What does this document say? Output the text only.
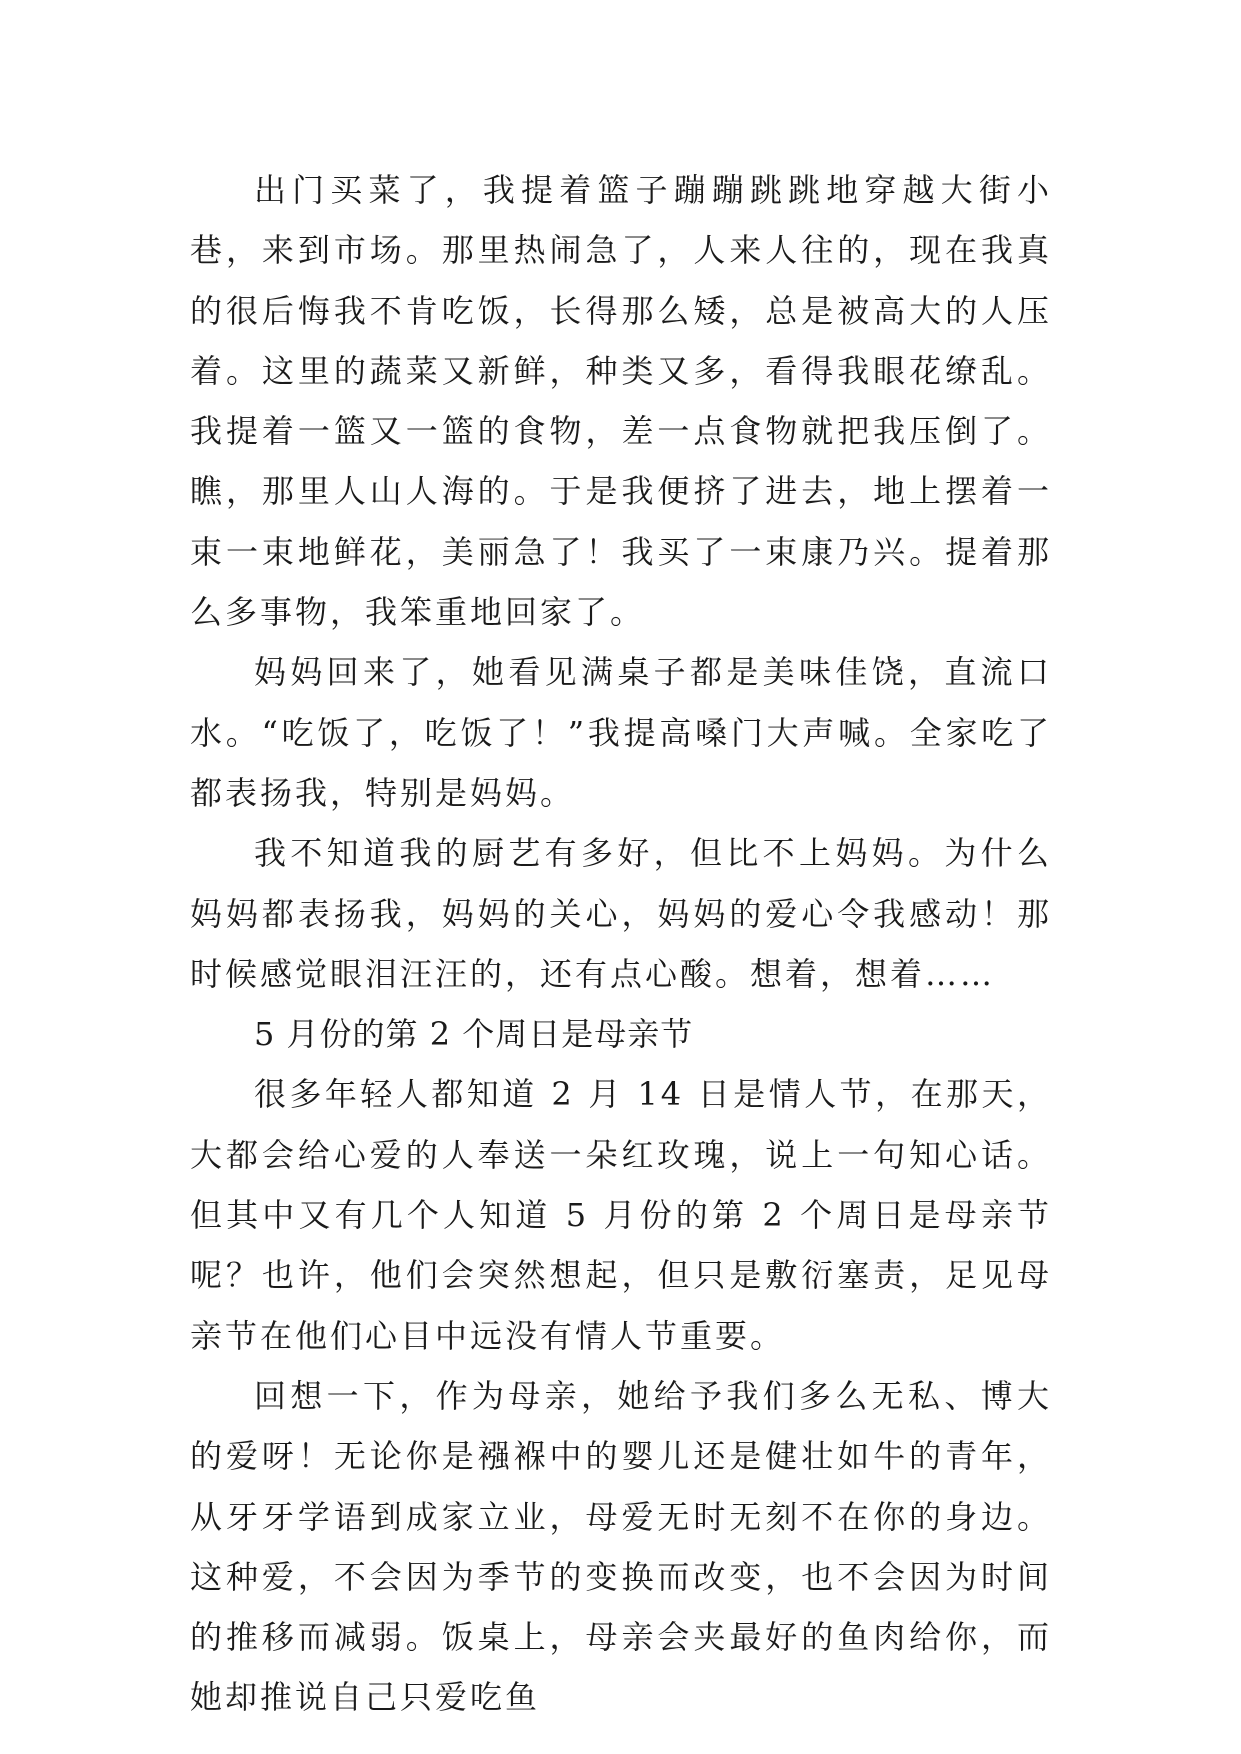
出门买菜了，我提着篮子蹦蹦跳跳地穿越大街小巷，来到市场。那里热闹急了，人来人往的，现在我真的很后悔我不肯吃饭，长得那么矮，总是被高大的人压着。这里的蔬菜又新鲜，种类又多，看得我眼花缭乱。我提着一篮又一篮的食物，差一点食物就把我压倒了。瞧，那里人山人海的。于是我便挤了进去，地上摆着一束一束地鲜花，美丽急了！我买了一束康乃兴。提着那么多事物，我笨重地回家了。

妈妈回来了，她看见满桌子都是美味佳饶，直流口水。“吃饭了，吃饭了！”我提高嗓门大声喊。全家吃了都表扬我，特别是妈妈。

我不知道我的厨艺有多好，但比不上妈妈。为什么妈妈都表扬我，妈妈的关心，妈妈的爱心令我感动！那时候感觉眼泪汪汪的，还有点心酸。想着，想着……

5 月份的第 2 个周日是母亲节

很多年轻人都知道 2 月 14 日是情人节，在那天，大都会给心爱的人奉送一朵红玫瑰，说上一句知心话。但其中又有几个人知道 5 月份的第 2 个周日是母亲节呢？也许，他们会突然想起，但只是敷衍塞责，足见母亲节在他们心目中远没有情人节重要。

回想一下，作为母亲，她给予我们多么无私、博大的爱呀！无论你是襁褓中的婴儿还是健壮如牛的青年，从牙牙学语到成家立业，母爱无时无刻不在你的身边。这种爱，不会因为季节的变换而改变，也不会因为时间的推移而减弱。饭桌上，母亲会夹最好的鱼肉给你，而她却推说自己只爱吃鱼
